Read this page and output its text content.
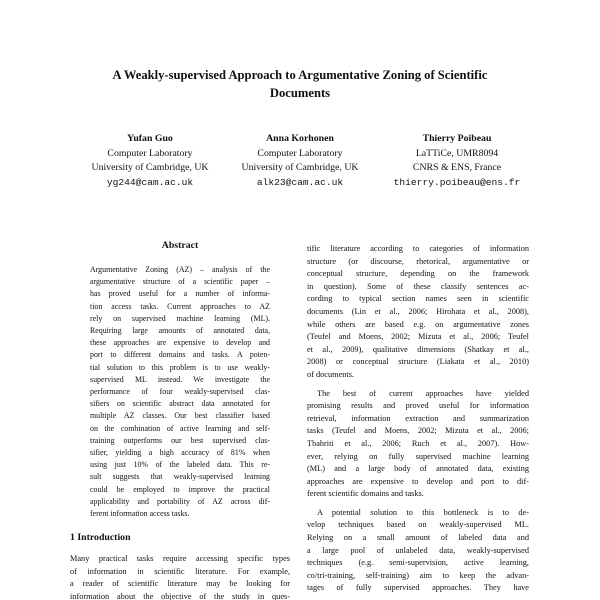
A Weakly-supervised Approach to Argumentative Zoning of Scientific
Documents
Yufan Guo
Computer Laboratory
University of Cambridge, UK
yg244@cam.ac.uk
Anna Korhonen
Computer Laboratory
University of Cambridge, UK
alk23@cam.ac.uk
Thierry Poibeau
LaTTiCe, UMR8094
CNRS & ENS, France
thierry.poibeau@ens.fr
Abstract
Argumentative Zoning (AZ) – analysis of the
argumentative structure of a scientific paper –
has proved useful for a number of informa-
tion access tasks. Current approaches to AZ
rely on supervised machine learning (ML).
Requiring large amounts of annotated data,
these approaches are expensive to develop and
port to different domains and tasks. A poten-
tial solution to this problem is to use weakly-
supervised ML instead. We investigate the
performance of four weakly-supervised clas-
sifiers on scientific abstract data annotated for
multiple AZ classes. Our best classifier based
on the combination of active learning and self-
training outperforms our best supervised clas-
sifier, yielding a high accuracy of 81% when
using just 10% of the labeled data. This re-
sult suggests that weakly-supervised learning
could be employed to improve the practical
applicability and portability of AZ across dif-
ferent information access tasks.
1 Introduction
Many practical tasks require accessing specific types
of information in scientific literature. For example,
a reader of scientific literature may be looking for
information about the objective of the study in ques-
tific literature according to categories of information
structure (or discourse, rhetorical, argumentative or
conceptual structure, depending on the framework
in question). Some of these classify sentences ac-
cording to typical section names seen in scientific
documents (Lin et al., 2006; Hirohata et al., 2008),
while others are based e.g. on argumentative zones
(Teufel and Moens, 2002; Mizuta et al., 2006; Teufel
et al., 2009), qualitative dimensions (Shatkay et al.,
2008) or conceptual structure (Liakata et al., 2010)
of documents.
The best of current approaches have yielded
promising results and proved useful for information
retrieval, information extraction and summarization
tasks (Teufel and Moens, 2002; Mizuta et al., 2006;
Tbahriti et al., 2006; Ruch et al., 2007). How-
ever, relying on fully supervised machine learning
(ML) and a large body of annotated data, existing
approaches are expensive to develop and port to dif-
ferent scientific domains and tasks.
A potential solution to this bottleneck is to de-
velop techniques based on weakly-supervised ML.
Relying on a small amount of labeled data and
a large pool of unlabeled data, weakly-supervised
techniques (e.g. semi-supervision, active learning,
co/tri-training, self-training) aim to keep the advan-
tages of fully supervised approaches. They have
